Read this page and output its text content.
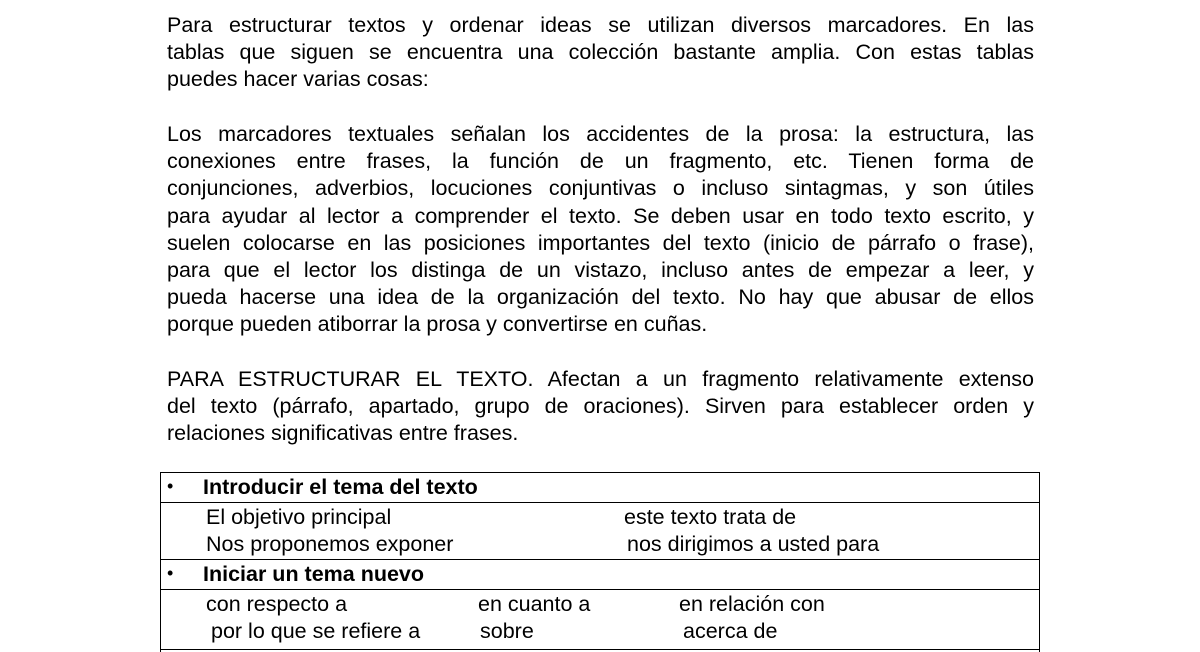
Para estructurar textos y ordenar ideas se utilizan diversos marcadores. En las
tablas que siguen se encuentra una colección bastante amplia. Con estas tablas
puedes hacer varias cosas:

Los marcadores textuales señalan los accidentes de la prosa: la estructura, las
conexiones entre frases, la función de un fragmento, etc. Tienen forma de
conjunciones, adverbios, locuciones conjuntivas o incluso sintagmas, y son útiles
para ayudar al lector a comprender el texto. Se deben usar en todo texto escrito, y
suelen colocarse en las posiciones importantes del texto (inicio de párrafo o frase),
para que el lector los distinga de un vistazo, incluso antes de empezar a leer, y
pueda hacerse una idea de la organización del texto. No hay que abusar de ellos
porque pueden atiborrar la prosa y convertirse en cuñas.

PARA ESTRUCTURAR EL TEXTO. Afectan a un fragmento relativamente extenso
del texto (párrafo, apartado, grupo de oraciones). Sirven para establecer orden y
relaciones significativas entre frases.

• Introducir el tema del texto
El objetivo principal	este texto trata de
Nos proponemos exponer	nos dirigimos a usted para
• Iniciar un tema nuevo
con respecto a	en cuanto a	en relación con
por lo que se refiere a	sobre	acerca de
